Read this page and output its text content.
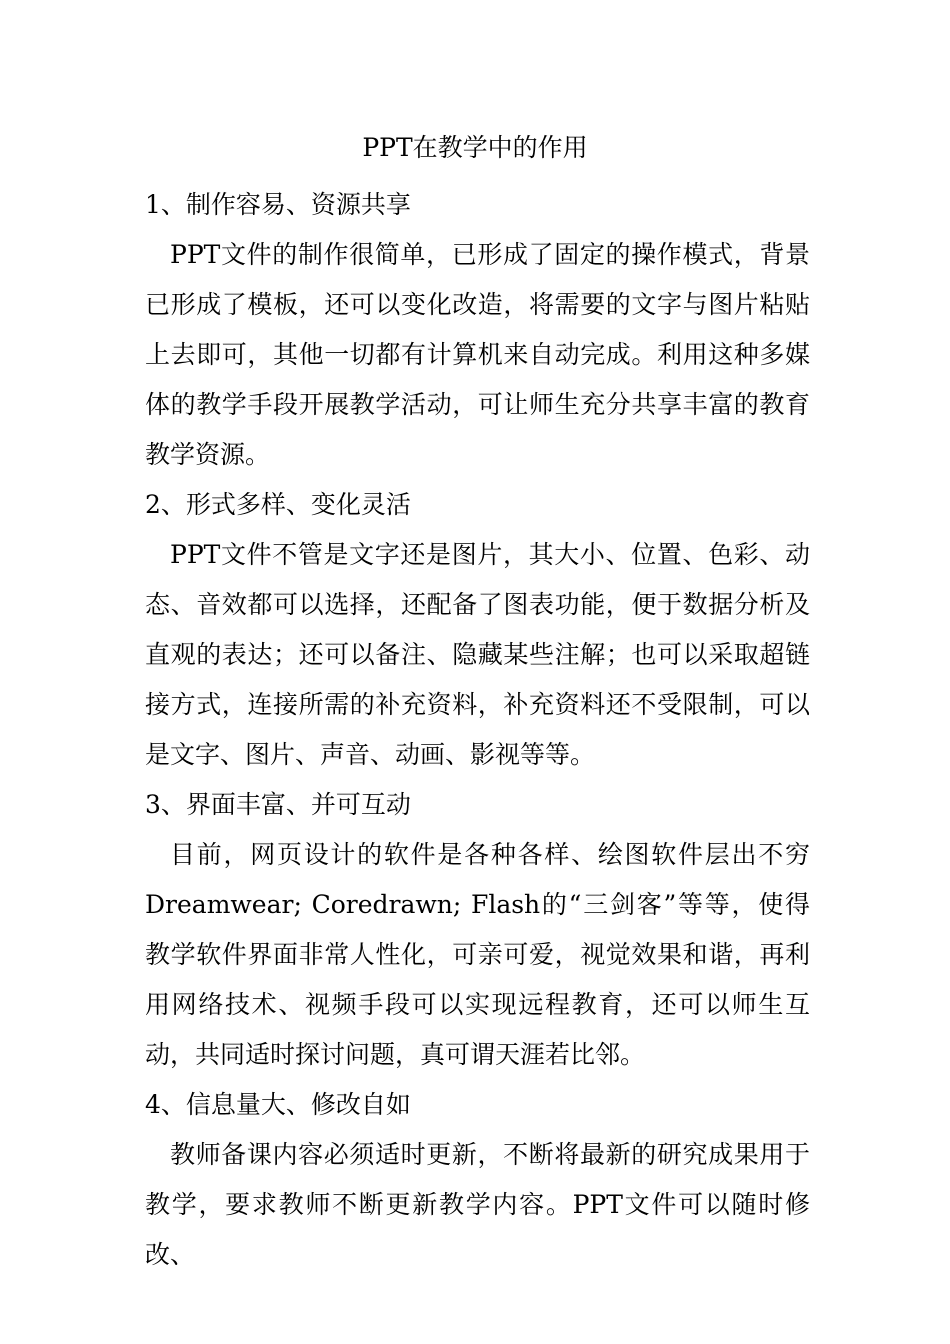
PPT在教学中的作用

1、制作容易、资源共享

PPT文件的制作很简单，已形成了固定的操作模式，背景已形成了模板，还可以变化改造，将需要的文字与图片粘贴上去即可，其他一切都有计算机来自动完成。利用这种多媒体的教学手段开展教学活动，可让师生充分共享丰富的教育教学资源。

2、形式多样、变化灵活

PPT文件不管是文字还是图片，其大小、位置、色彩、动态、音效都可以选择，还配备了图表功能，便于数据分析及直观的表达；还可以备注、隐藏某些注解；也可以采取超链接方式，连接所需的补充资料，补充资料还不受限制，可以是文字、图片、声音、动画、影视等等。

3、界面丰富、并可互动

目前，网页设计的软件是各种各样、绘图软件层出不穷Dreamwear; Coredrawn; Flash的“三剑客”等等，使得教学软件界面非常人性化，可亲可爱，视觉效果和谐，再利用网络技术、视频手段可以实现远程教育，还可以师生互动，共同适时探讨问题，真可谓天涯若比邻。

4、信息量大、修改自如

教师备课内容必须适时更新，不断将最新的研究成果用于教学，要求教师不断更新教学内容。PPT文件可以随时修改、
